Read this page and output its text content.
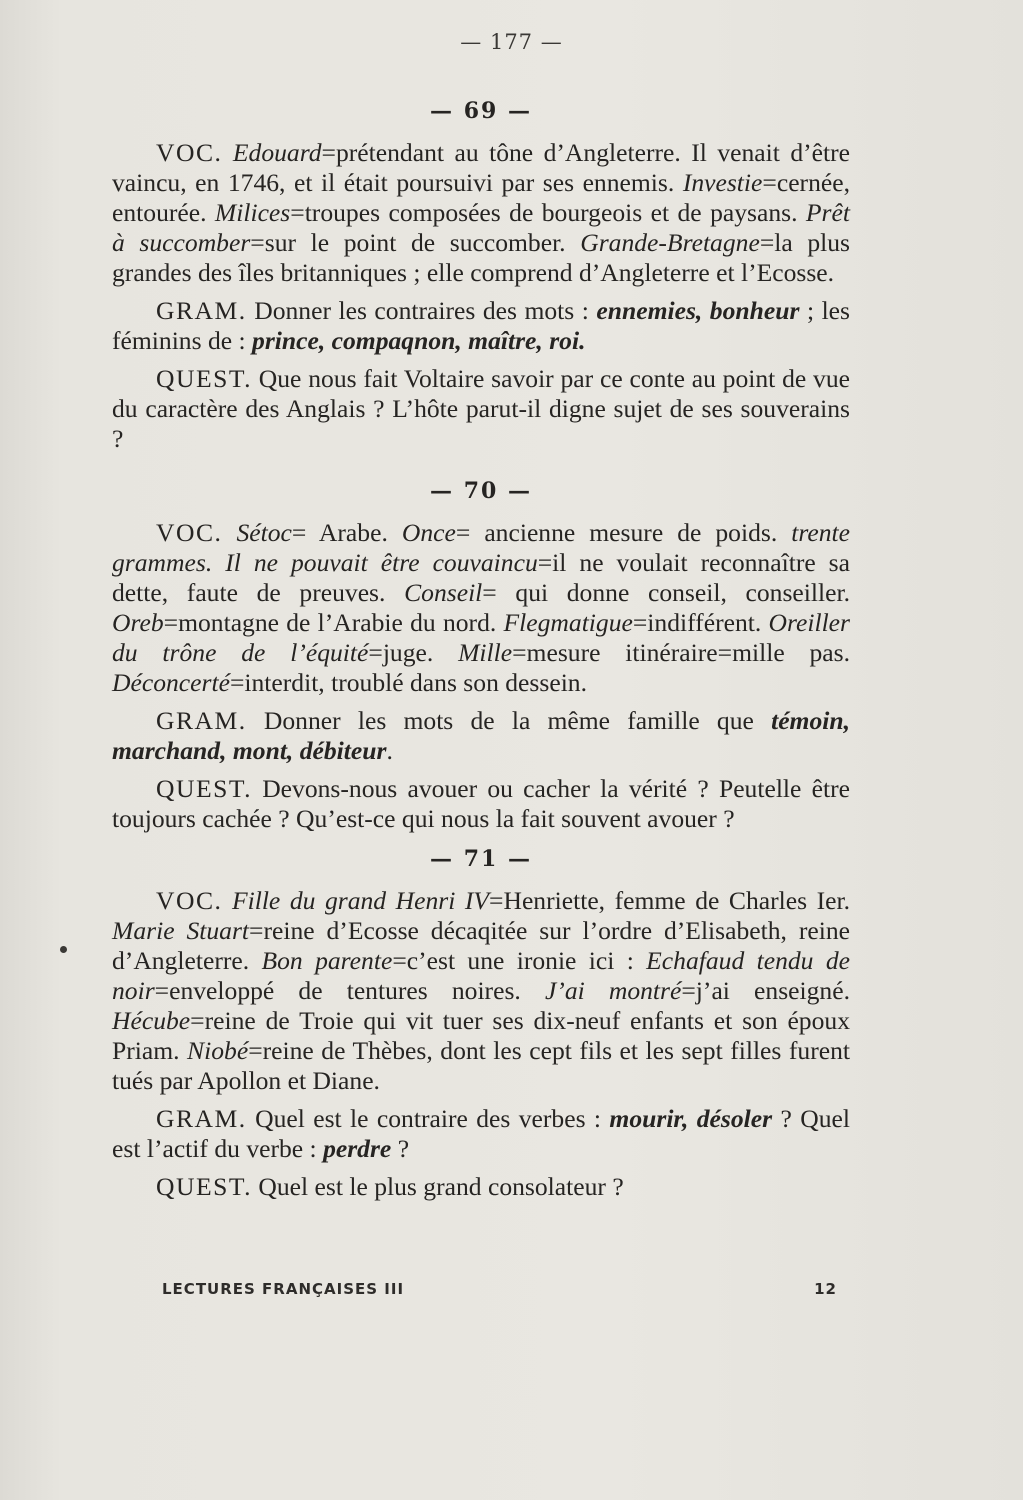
— 177 —
— 69 —

VOC. Edouard=prétendant au tône d’Angleterre. Il venait d’être vaincu, en 1746, et il était poursuivi par ses ennemis. Investie=cernée, entourée. Milices=troupes composées de bourgeois et de paysans. Prêt à succomber=sur le point de succomber. Grande-Bretagne=la plus grandes des îles britanniques ; elle comprend d’Angleterre et l’Ecosse.

GRAM. Donner les contraires des mots : ennemies, bonheur ; les féminins de : prince, compaqnon, maître, roi.

QUEST. Que nous fait Voltaire savoir par ce conte au point de vue du caractère des Anglais ? L’hôte parut-il digne sujet de ses souverains ?

— 70 —

VOC. Sétoc= Arabe. Once= ancienne mesure de poids. trente grammes. Il ne pouvait être couvaincu=il ne voulait reconnaître sa dette, faute de preuves. Conseil= qui donne conseil, conseiller. Oreb=montagne de l’Arabie du nord. Flegmatigue=indifférent. Oreiller du trône de l’équité=juge. Mille=mesure itinéraire=mille pas. Déconcerté=interdit, troublé dans son dessein.

GRAM. Donner les mots de la même famille que témoin, marchand, mont, débiteur.

QUEST. Devons-nous avouer ou cacher la vérité ? Peutelle être toujours cachée ? Qu’est-ce qui nous la fait souvent avouer ?

— 71 —

VOC. Fille du grand Henri IV=Henriette, femme de Charles Ier. Marie Stuart=reine d’Ecosse décaqitée sur l’ordre d’Elisabeth, reine d’Angleterre. Bon parente=c’est une ironie ici : Echafaud tendu de noir=enveloppé de tentures noires. J’ai montré=j’ai enseigné. Hécube=reine de Troie qui vit tuer ses dix-neuf enfants et son époux Priam. Niobé=reine de Thèbes, dont les cept fils et les sept filles furent tués par Apollon et Diane.

GRAM. Quel est le contraire des verbes : mourir, désoler ? Quel est l’actif du verbe : perdre ?

QUEST. Quel est le plus grand consolateur ?

LECTURES FRANÇAISES III	12
